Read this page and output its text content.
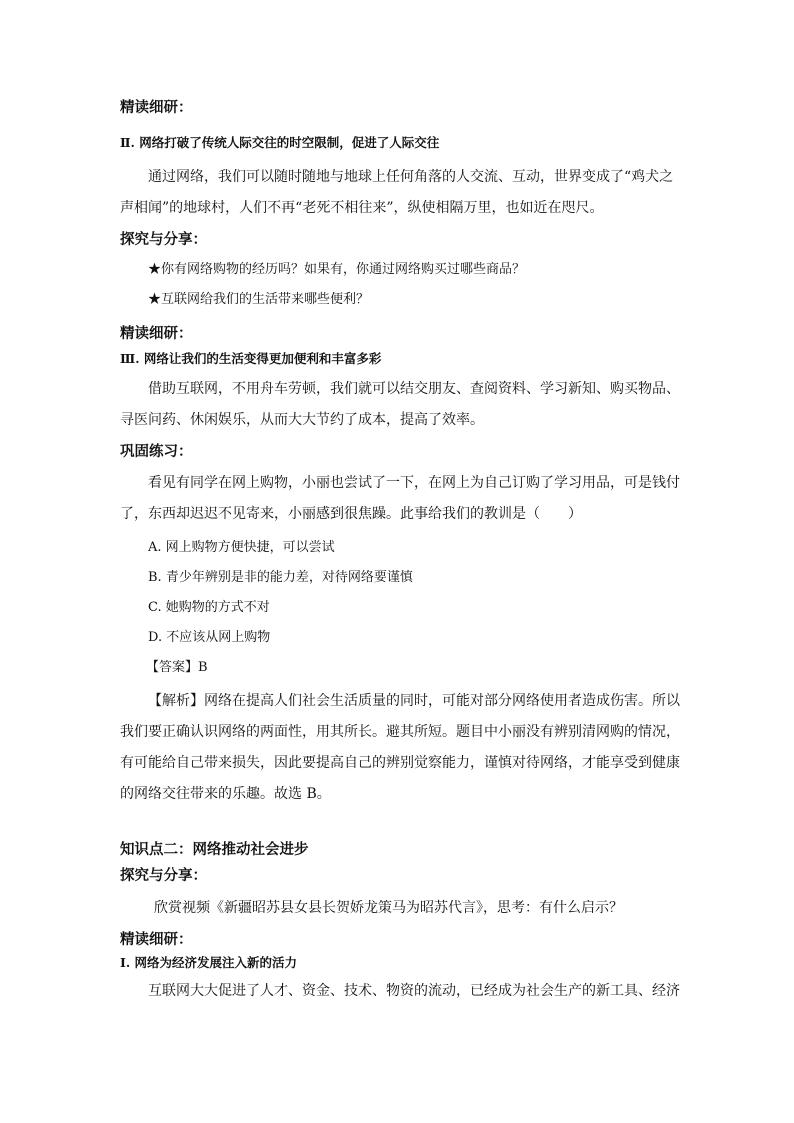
精读细研：
Ⅱ. 网络打破了传统人际交往的时空限制，促进了人际交往

通过网络，我们可以随时随地与地球上任何角落的人交流、互动，世界变成了“鸡犬之声相闻”的地球村，人们不再“老死不相往来”，纵使相隔万里，也如近在咫尺。

探究与分享：
★你有网络购物的经历吗？如果有，你通过网络购买过哪些商品？
★互联网给我们的生活带来哪些便利？
精读细研：
Ⅲ. 网络让我们的生活变得更加便利和丰富多彩

借助互联网，不用舟车劳顿，我们就可以结交朋友、查阅资料、学习新知、购买物品、寻医问药、休闲娱乐，从而大大节约了成本，提高了效率。

巩固练习：

看见有同学在网上购物，小丽也尝试了一下，在网上为自己订购了学习用品，可是钱付了，东西却迟迟不见寄来，小丽感到很焦躁。此事给我们的教训是（　　）

A. 网上购物方便快捷，可以尝试
B. 青少年辨别是非的能力差，对待网络要谨慎
C. 她购物的方式不对
D. 不应该从网上购物
【答案】B

【解析】网络在提高人们社会生活质量的同时，可能对部分网络使用者造成伤害。所以我们要正确认识网络的两面性，用其所长。避其所短。题目中小丽没有辨别清网购的情况，有可能给自己带来损失，因此要提高自己的辨别觉察能力，谨慎对待网络，才能享受到健康的网络交往带来的乐趣。故选 B。

知识点二：网络推动社会进步
探究与分享：
欣赏视频《新疆昭苏县女县长贺娇龙策马为昭苏代言》，思考：有什么启示？
精读细研：
Ⅰ. 网络为经济发展注入新的活力

互联网大大促进了人才、资金、技术、物资的流动，已经成为社会生产的新工具、经济
